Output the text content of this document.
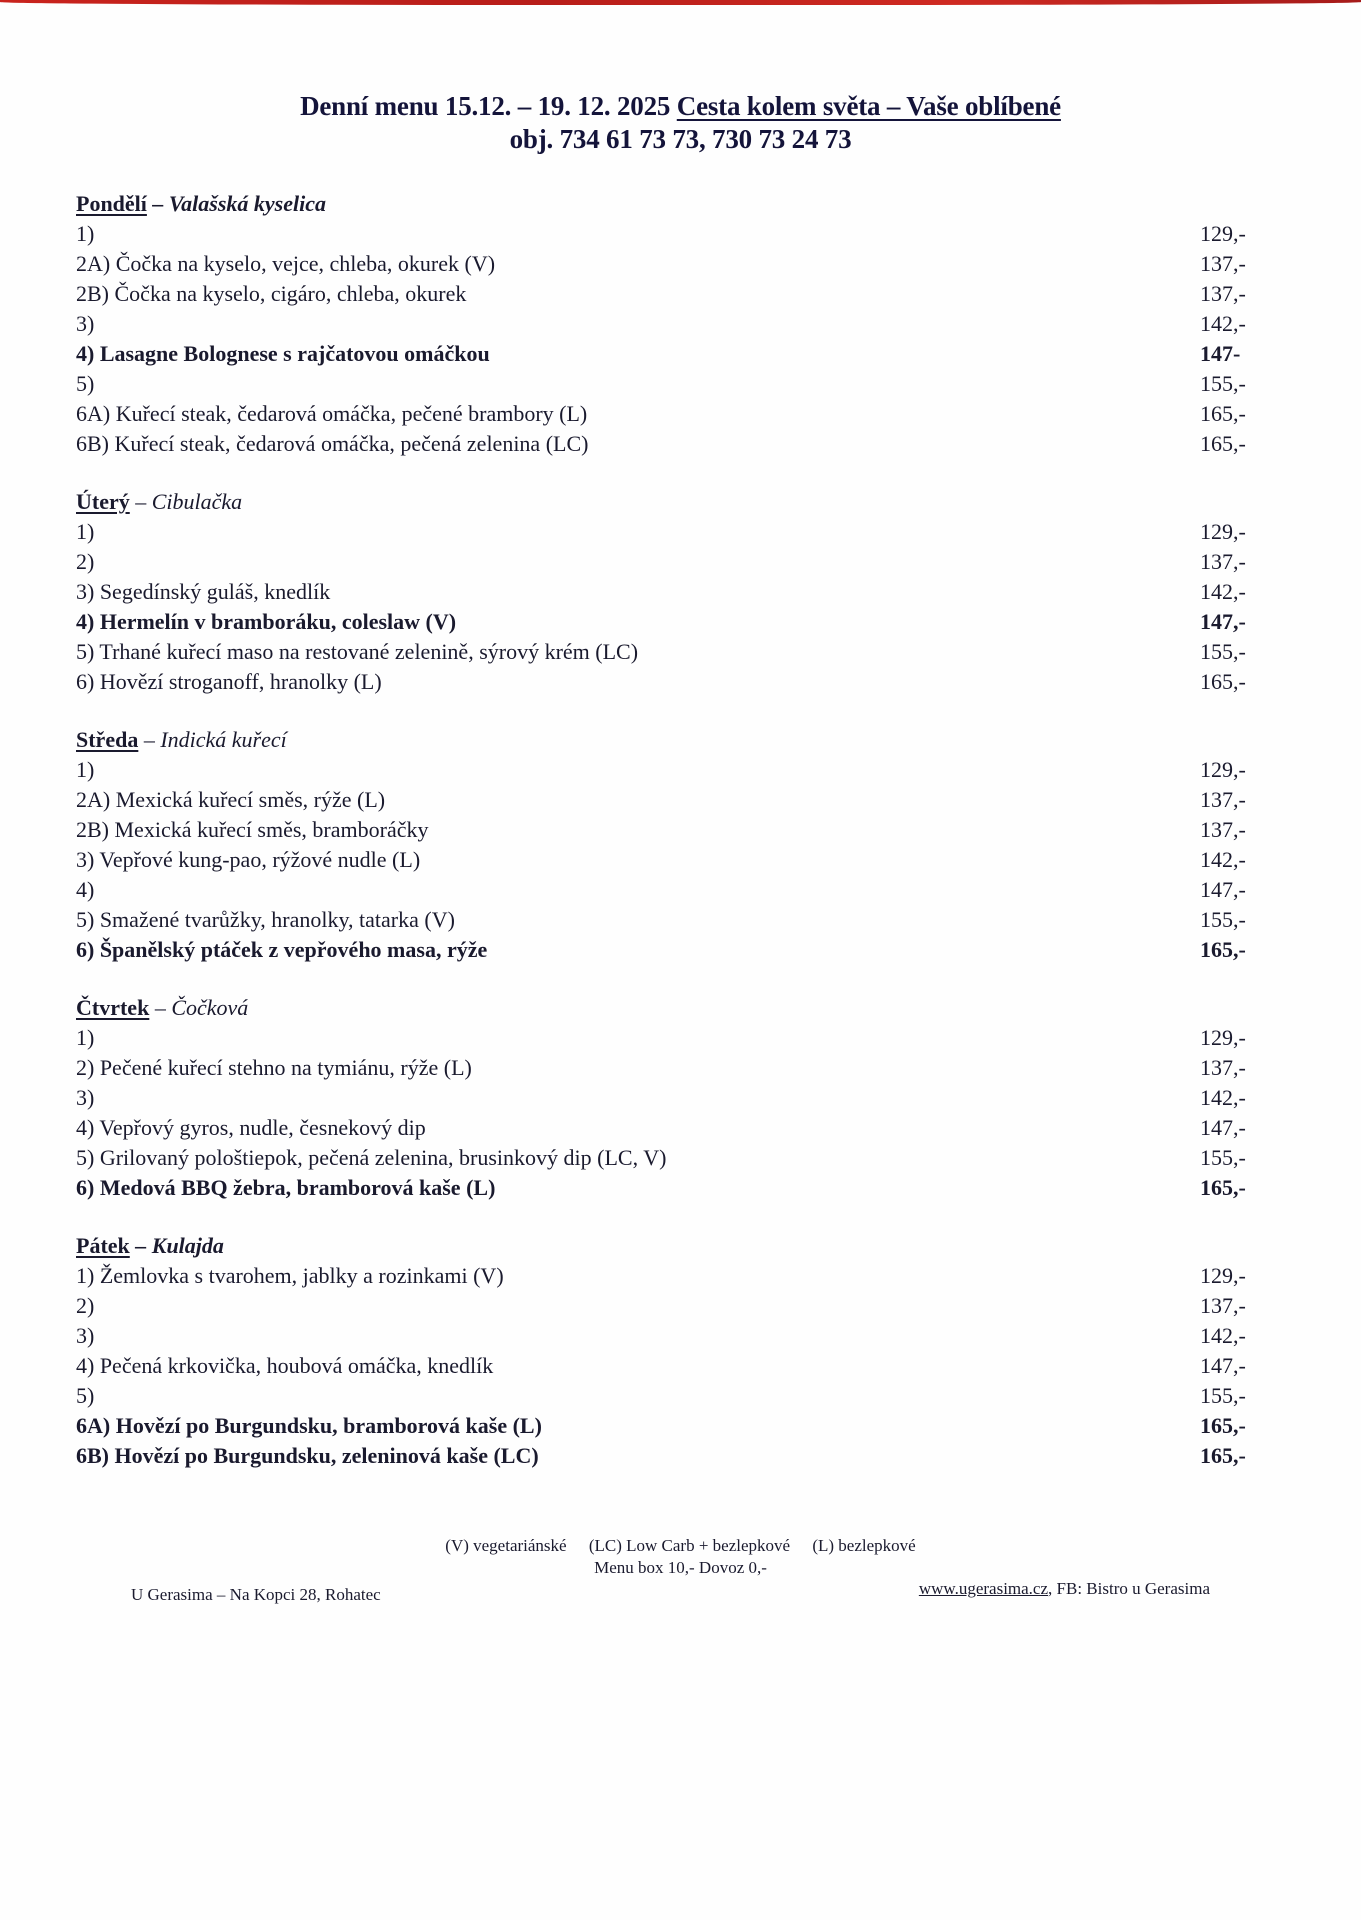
Denní menu 15.12. – 19. 12. 2025 Cesta kolem světa – Vaše oblíbené
obj. 734 61 73 73, 730 73 24 73
Pondělí – Valašská kyselica
1)	129,-
2A) Čočka na kyselo, vejce, chleba, okurek (V)	137,-
2B) Čočka na kyselo, cigáro, chleba, okurek	137,-
3)	142,-
4) Lasagne Bolognese s rajčatovou omáčkou	147-
5)	155,-
6A) Kuřecí steak, čedarová omáčka, pečené brambory (L)	165,-
6B) Kuřecí steak, čedarová omáčka, pečená zelenina (LC)	165,-
Úterý – Cibulačka
1)	129,-
2)	137,-
3) Segedínský guláš, knedlík	142,-
4) Hermelín v bramboráku, coleslaw (V)	147,-
5) Trhané kuřecí maso na restované zelenině, sýrový krém (LC)	155,-
6) Hovězí stroganoff, hranolky (L)	165,-
Středa – Indická kuřecí
1)	129,-
2A) Mexická kuřecí směs, rýže (L)	137,-
2B) Mexická kuřecí směs, bramboráčky	137,-
3) Vepřové kung-pao, rýžové nudle (L)	142,-
4)	147,-
5) Smažené tvarůžky, hranolky, tatarka (V)	155,-
6) Španělský ptáček z vepřového masa, rýže	165,-
Čtvrtek – Čočková
1)	129,-
2) Pečené kuřecí stehno na tymiánu, rýže (L)	137,-
3)	142,-
4) Vepřový gyros, nudle, česnekový dip	147,-
5) Grilovaný pološtiepok, pečená zelenina, brusinkový dip (LC, V)	155,-
6) Medová BBQ žebra, bramborová kaše (L)	165,-
Pátek – Kulajda
1) Žemlovka s tvarohem, jablky a rozinkami (V)	129,-
2)	137,-
3)	142,-
4) Pečená krkovička, houbová omáčka, knedlík	147,-
5)	155,-
6A) Hovězí po Burgundsku, bramborová kaše (L)	165,-
6B) Hovězí po Burgundsku, zeleninová kaše (LC)	165,-
(V) vegetariánské (LC) Low Carb + bezlepkové (L) bezlepkové
Menu box 10,- Dovoz 0,-
U Gerasima – Na Kopci 28, Rohatec	www.ugerasima.cz, FB: Bistro u Gerasima
